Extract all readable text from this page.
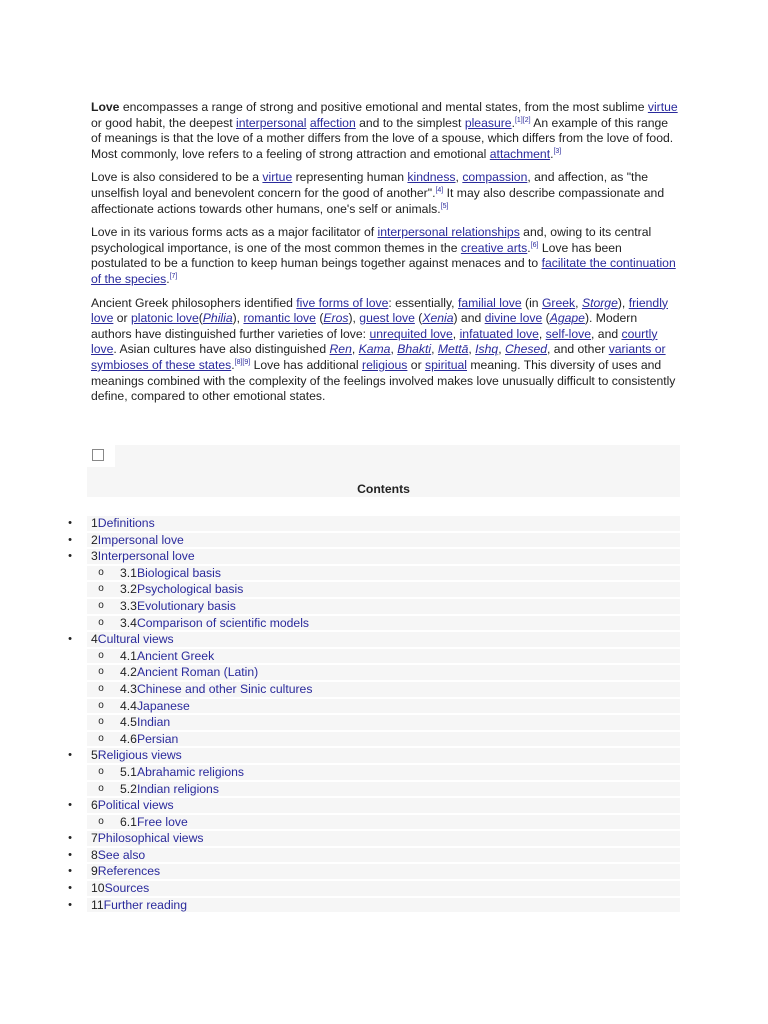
Love encompasses a range of strong and positive emotional and mental states, from the most sublime virtue or good habit, the deepest interpersonal affection and to the simplest pleasure.[1][2] An example of this range of meanings is that the love of a mother differs from the love of a spouse, which differs from the love of food. Most commonly, love refers to a feeling of strong attraction and emotional attachment.[3]

Love is also considered to be a virtue representing human kindness, compassion, and affection, as "the unselfish loyal and benevolent concern for the good of another".[4] It may also describe compassionate and affectionate actions towards other humans, one's self or animals.[5]

Love in its various forms acts as a major facilitator of interpersonal relationships and, owing to its central psychological importance, is one of the most common themes in the creative arts.[6] Love has been postulated to be a function to keep human beings together against menaces and to facilitate the continuation of the species.[7]

Ancient Greek philosophers identified five forms of love: essentially, familial love (in Greek, Storge), friendly love or platonic love(Philia), romantic love (Eros), guest love (Xenia) and divine love (Agape). Modern authors have distinguished further varieties of love: unrequited love, infatuated love, self-love, and courtly love. Asian cultures have also distinguished Ren, Kama, Bhakti, Mettā, Ishq, Chesed, and other variants or symbioses of these states.[8][9] Love has additional religious or spiritual meaning. This diversity of uses and meanings combined with the complexity of the feelings involved makes love unusually difficult to consistently define, compared to other emotional states.

Contents
• 1Definitions
• 2Impersonal love
• 3Interpersonal love
o 3.1Biological basis
o 3.2Psychological basis
o 3.3Evolutionary basis
o 3.4Comparison of scientific models
• 4Cultural views
o 4.1Ancient Greek
o 4.2Ancient Roman (Latin)
o 4.3Chinese and other Sinic cultures
o 4.4Japanese
o 4.5Indian
o 4.6Persian
• 5Religious views
o 5.1Abrahamic religions
o 5.2Indian religions
• 6Political views
o 6.1Free love
• 7Philosophical views
• 8See also
• 9References
• 10Sources
• 11Further reading
